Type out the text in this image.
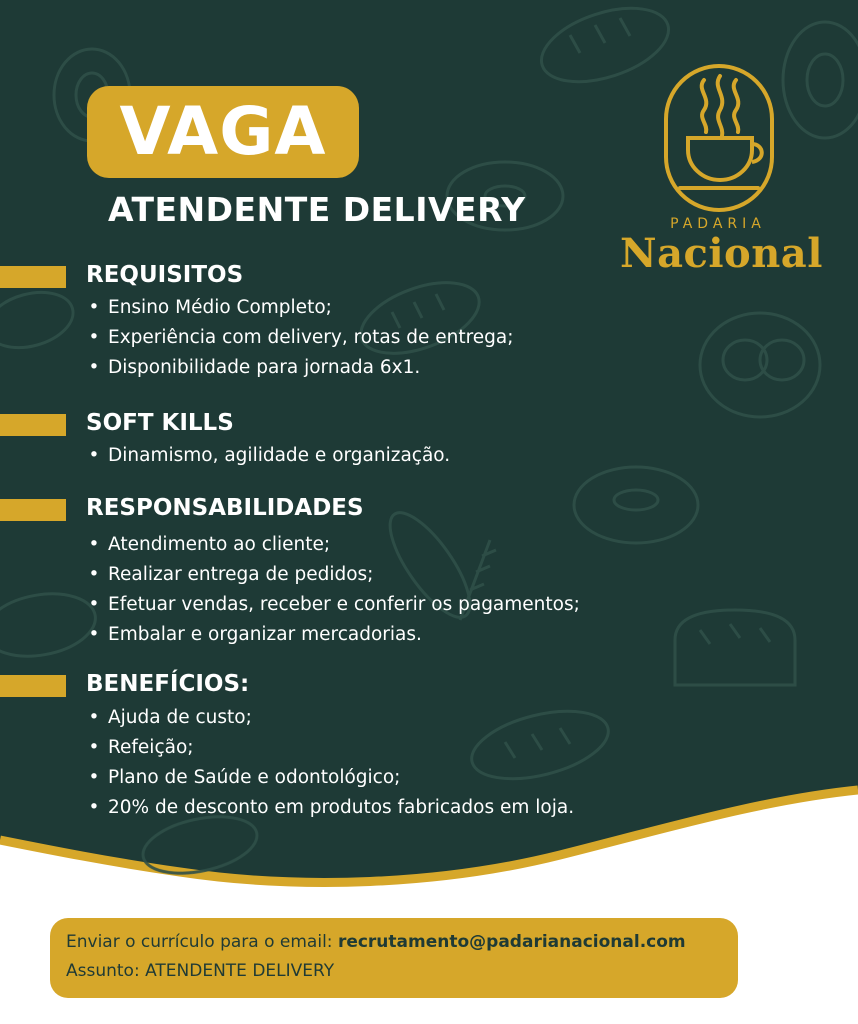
VAGA
ATENDENTE DELIVERY	PADARIA
Nacional
REQUISITOS
• Ensino Médio Completo;
• Experiência com delivery, rotas de entrega;
• Disponibilidade para jornada 6x1.
SOFT KILLS
• Dinamismo, agilidade e organização.
RESPONSABILIDADES
• Atendimento ao cliente;
• Realizar entrega de pedidos;
• Efetuar vendas, receber e conferir os pagamentos;
• Embalar e organizar mercadorias.
BENEFÍCIOS:
• Ajuda de custo;
• Refeição;
• Plano de Saúde e odontológico;
• 20% de desconto em produtos fabricados em loja.
Enviar o currículo para o email: recrutamento@padarianacional.com
Assunto: ATENDENTE DELIVERY
